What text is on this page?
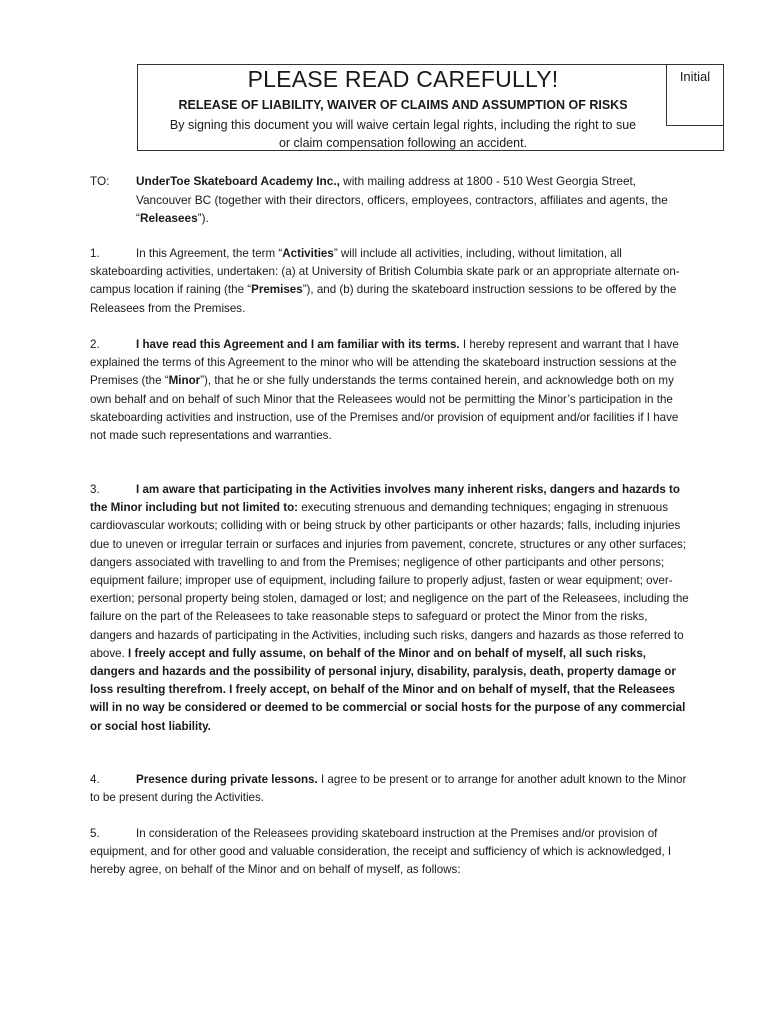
PLEASE READ CAREFULLY!
RELEASE OF LIABILITY, WAIVER OF CLAIMS AND ASSUMPTION OF RISKS
By signing this document you will waive certain legal rights, including the right to sue
or claim compensation following an accident.
Initial
TO: UnderToe Skateboard Academy Inc., with mailing address at 1800 - 510 West Georgia Street, Vancouver BC (together with their directors, officers, employees, contractors, affiliates and agents, the “Releasees”).
1.	In this Agreement, the term “Activities” will include all activities, including, without limitation, all skateboarding activities, undertaken: (a) at University of British Columbia skate park or an appropriate alternate on-campus location if raining (the “Premises”), and (b) during the skateboard instruction sessions to be offered by the Releasees from the Premises.
2.	I have read this Agreement and I am familiar with its terms. I hereby represent and warrant that I have explained the terms of this Agreement to the minor who will be attending the skateboard instruction sessions at the Premises (the “Minor”), that he or she fully understands the terms contained herein, and acknowledge both on my own behalf and on behalf of such Minor that the Releasees would not be permitting the Minor’s participation in the skateboarding activities and instruction, use of the Premises and/or provision of equipment and/or facilities if I have not made such representations and warranties.
3.	I am aware that participating in the Activities involves many inherent risks, dangers and hazards to the Minor including but not limited to: executing strenuous and demanding techniques; engaging in strenuous cardiovascular workouts; colliding with or being struck by other participants or other hazards; falls, including injuries due to uneven or irregular terrain or surfaces and injuries from pavement, concrete, structures or any other surfaces; dangers associated with travelling to and from the Premises; negligence of other participants and other persons; equipment failure; improper use of equipment, including failure to properly adjust, fasten or wear equipment; over-exertion; personal property being stolen, damaged or lost; and negligence on the part of the Releasees, including the failure on the part of the Releasees to take reasonable steps to safeguard or protect the Minor from the risks, dangers and hazards of participating in the Activities, including such risks, dangers and hazards as those referred to above. I freely accept and fully assume, on behalf of the Minor and on behalf of myself, all such risks, dangers and hazards and the possibility of personal injury, disability, paralysis, death, property damage or loss resulting therefrom. I freely accept, on behalf of the Minor and on behalf of myself, that the Releasees will in no way be considered or deemed to be commercial or social hosts for the purpose of any commercial or social host liability.
4.	Presence during private lessons. I agree to be present or to arrange for another adult known to the Minor to be present during the Activities.
5.	In consideration of the Releasees providing skateboard instruction at the Premises and/or provision of equipment, and for other good and valuable consideration, the receipt and sufficiency of which is acknowledged, I hereby agree, on behalf of the Minor and on behalf of myself, as follows:
